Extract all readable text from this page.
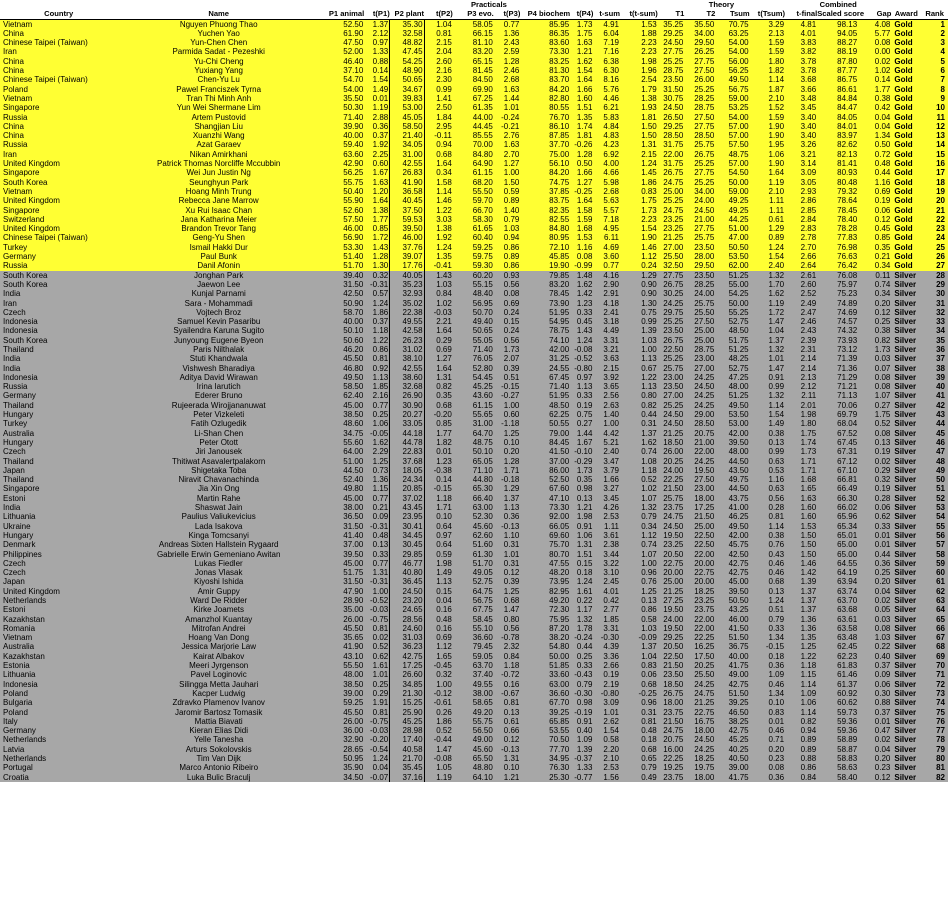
		Practicals										Theory				Combined				
Country	Name	P1 animal	t(P1)	P2 plant	t(P2)	P3 evo.	t(P3)	P4 biochem	t(P4)	t-sum	t(t-sum)	T1	T2	Tsum	t(Tsum)	t-final	Scaled score	Gap	Award	Rank
Vietnam	Nguyen Phuong Thao	52.50	1.37	35.30	1.04	58.05	0.77	85.95	1.73	4.91	1.53	35.25	35.50	70.75	3.29	4.81	98.13	4.08	Gold	1
China	Yuchen Yao	61.90	2.12	32.58	0.81	66.15	1.36	86.35	1.75	6.04	1.88	29.25	34.00	63.25	2.13	4.01	94.05	5.77	Gold	2
Chinese Taipei (Taiwan)	Yun-Chen Chen	47.50	0.97	48.82	2.15	81.10	2.43	83.60	1.63	7.19	2.23	24.50	29.50	54.00	1.59	3.83	88.27	0.08	Gold	3
Iran	Parmida Sadat - Pezeshki	52.00	1.33	47.45	2.04	83.20	2.59	73.30	1.21	7.16	2.23	27.75	26.25	54.00	1.59	3.82	88.19	0.00	Gold	4
China	Yu-Chi Cheng	46.40	0.88	54.25	2.60	65.15	1.28	83.25	1.62	6.38	1.98	25.25	27.75	56.00	1.80	3.78	87.80	0.02	Gold	5
China	Yuxiang Yang	37.10	0.14	48.90	2.16	81.45	2.46	81.30	1.54	6.30	1.96	28.75	27.50	56.25	1.82	3.78	87.77	1.02	Gold	6
Chinese Taipei (Taiwan)	Chen-Yu Lu	54.70	1.54	50.65	2.30	84.50	2.68	83.70	1.64	8.16	2.54	23.50	26.00	49.50	1.14	3.68	86.75	0.14	Gold	7
Poland	Pawel Franciszek Tyrna	54.00	1.49	34.67	0.99	69.90	1.63	84.20	1.66	5.76	1.79	31.50	25.25	56.75	1.87	3.66	86.61	1.77	Gold	8
Vietnam	Tran Thi Minh Anh	35.50	0.01	39.83	1.41	67.25	1.44	82.80	1.60	4.46	1.38	30.75	28.25	59.00	2.10	3.48	84.84	0.38	Gold	9
Singapore	Yun Wei Shermane Lim	50.30	1.19	53.00	2.50	61.35	1.01	80.55	1.51	6.21	1.93	24.50	28.75	53.25	1.52	3.45	84.47	0.42	Gold	10
Russia	Artem Pustovid	71.40	2.88	45.05	1.84	44.00	-0.24	76.70	1.35	5.83	1.81	26.50	27.50	54.00	1.59	3.40	84.05	0.04	Gold	11
China	Shangjian Liu	39.90	0.36	58.50	2.95	44.45	-0.21	86.10	1.74	4.84	1.50	29.25	27.75	57.00	1.90	3.40	84.01	0.04	Gold	12
China	Xuanzhi Wang	40.00	0.37	21.40	-0.11	85.55	2.76	87.85	1.81	4.83	1.50	28.50	28.50	57.00	1.90	3.40	83.97	1.34	Gold	13
Russia	Azat Garaev	59.40	1.92	34.05	0.94	70.00	1.63	37.70	-0.26	4.23	1.31	31.75	25.75	57.50	1.95	3.26	82.62	0.50	Gold	14
Iran	Nikan Amirkhani	63.60	2.25	31.00	0.68	84.80	2.70	75.00	1.28	6.92	2.15	22.00	26.75	48.75	1.06	3.21	82.13	0.72	Gold	15
United Kingdom	Patrick Thomas Norcliffe Mccubbin	42.90	0.60	42.55	1.64	64.90	1.27	56.10	0.50	4.00	1.24	31.75	25.25	57.00	1.90	3.14	81.41	0.48	Gold	16
Singapore	Wei Jun Justin Ng	56.25	1.67	26.83	0.34	61.15	1.00	84.20	1.66	4.66	1.45	26.75	27.75	54.50	1.64	3.09	80.93	0.44	Gold	17
South Korea	Seunghyun Park	55.75	1.63	41.90	1.58	68.20	1.50	74.75	1.27	5.98	1.86	24.75	25.25	50.00	1.19	3.05	80.48	1.16	Gold	18
Vietnam	Hoang Minh Trung	50.40	1.20	36.58	1.14	55.50	0.59	37.85	-0.25	2.68	0.83	25.00	34.00	59.00	2.10	2.93	79.32	0.69	Gold	19
United Kingdom	Rebecca Jane Marrow	55.90	1.64	40.45	1.46	59.70	0.89	83.75	1.64	5.63	1.75	25.25	24.00	49.25	1.11	2.86	78.64	0.19	Gold	20
Singapore	Xu Rui Isaac Chan	52.60	1.38	37.50	1.22	66.70	1.40	82.35	1.58	5.57	1.73	24.75	24.50	49.25	1.11	2.85	78.45	0.06	Gold	21
Switzerland	Jana Katharina Meier	57.50	1.77	59.53	3.03	58.30	0.79	82.55	1.59	7.18	2.23	23.25	21.00	44.25	0.61	2.84	78.40	0.12	Gold	22
United Kingdom	Brandon Trevor Tang	46.00	0.85	39.50	1.38	61.65	1.03	84.80	1.68	4.95	1.54	23.25	27.75	51.00	1.29	2.83	78.28	0.45	Gold	23
Chinese Taipei (Taiwan)	Geng-Yu Shen	56.90	1.72	46.00	1.92	60.40	0.94	80.95	1.53	6.11	1.90	21.25	25.75	47.00	0.89	2.78	77.83	0.85	Gold	24
Turkey	Ismail Hakki Dur	53.30	1.43	37.76	1.24	59.25	0.86	72.10	1.16	4.69	1.46	27.00	23.50	50.50	1.24	2.70	76.98	0.35	Gold	25
Germany	Paul Bunk	51.40	1.28	39.07	1.35	59.75	0.89	45.85	0.08	3.60	1.12	25.50	28.00	53.50	1.54	2.66	76.63	0.21	Gold	26
Russia	Danil Afonin	51.70	1.30	17.76	-0.41	59.30	0.86	19.90	-0.99	0.77	0.24	32.50	29.50	62.00	2.40	2.64	76.42	0.34	Gold	27
South Korea	Jonghan Park	39.40	0.32	40.05	1.43	60.20	0.93	79.85	1.48	4.16	1.29	27.75	23.50	51.25	1.32	2.61	76.08	0.11	Silver	28
South Korea	Jaewon Lee	31.50	-0.31	35.23	1.03	55.15	0.56	83.20	1.62	2.90	0.90	26.75	28.25	55.00	1.70	2.60	75.97	0.74	Silver	29
India	Kunjal Parnami	42.50	0.57	32.93	0.84	48.40	0.08	78.45	1.42	2.91	0.90	30.25	24.00	54.25	1.62	2.52	75.23	0.34	Silver	30
Iran	Sara - Mohammadi	50.90	1.24	35.02	1.02	56.95	0.69	73.90	1.23	4.18	1.30	24.25	25.75	50.00	1.19	2.49	74.89	0.20	Silver	31
Czech	Vojtech Broz	58.70	1.86	22.38	-0.03	50.70	0.24	51.95	0.33	2.41	0.75	29.75	25.50	55.25	1.72	2.47	74.69	0.12	Silver	32
Indonesia	Samuel Kevin Pasaribu	40.00	0.37	49.55	2.21	49.40	0.15	54.95	0.45	3.18	0.99	25.25	27.50	52.75	1.47	2.46	74.57	0.25	Silver	33
Indonesia	Syailendra Karuna Sugito	50.10	1.18	42.58	1.64	50.65	0.24	78.75	1.43	4.49	1.39	23.50	25.00	48.50	1.04	2.43	74.32	0.38	Silver	34
South Korea	Junyoung Eugene Byeon	50.60	1.22	26.23	0.29	55.05	0.56	74.10	1.24	3.31	1.03	26.75	25.00	51.75	1.37	2.39	73.93	0.82	Silver	35
Thailand	Paris Nilthalak	46.20	0.86	31.02	0.69	71.40	1.73	42.00	-0.08	3.21	1.00	22.50	28.75	51.25	1.32	2.31	73.12	1.73	Silver	36
India	Stuti Khandwala	45.50	0.81	38.10	1.27	76.05	2.07	31.25	-0.52	3.63	1.13	25.25	23.00	48.25	1.01	2.14	71.39	0.03	Silver	37
India	Vishwesh Bharadiya	46.80	0.92	42.55	1.64	52.80	0.39	24.55	-0.80	2.15	0.67	25.75	27.00	52.75	1.47	2.14	71.36	0.07	Silver	38
Indonesia	Aditya David Wirawan	49.50	1.13	38.60	1.31	54.45	0.51	67.45	0.97	3.92	1.22	23.00	24.25	47.25	0.91	2.13	71.29	0.08	Silver	39
Russia	Irina Iarutich	58.50	1.85	32.68	0.82	45.25	-0.15	71.40	1.13	3.65	1.13	23.50	24.50	48.00	0.99	2.12	71.21	0.08	Silver	40
Germany	Ederer Bruno	62.40	2.16	26.90	0.35	43.60	-0.27	51.95	0.33	2.56	0.80	27.00	24.25	51.25	1.32	2.11	71.13	1.07	Silver	41
Thailand	Rujeerada Wirojjananuwat	45.00	0.77	30.90	0.68	61.15	1.00	48.50	0.19	2.63	0.82	25.25	24.25	49.50	1.14	2.01	70.06	0.27	Silver	42
Hungary	Peter Vizkeleti	38.50	0.25	20.27	-0.20	55.65	0.60	62.25	0.75	1.40	0.44	24.50	29.00	53.50	1.54	1.98	69.79	1.75	Silver	43
Turkey	Fatih Ozlugedik	48.60	1.06	33.05	0.85	31.00	-1.18	50.55	0.27	1.00	0.31	24.50	28.50	53.00	1.49	1.80	68.04	0.52	Silver	44
Australia	Li-Shan Chen	34.75	-0.05	44.18	1.77	64.70	1.25	79.00	1.44	4.42	1.37	21.25	20.75	42.00	0.38	1.75	67.52	0.08	Silver	45
Hungary	Peter Otott	55.60	1.62	44.78	1.82	48.75	0.10	84.45	1.67	5.21	1.62	18.50	21.00	39.50	0.13	1.74	67.45	0.13	Silver	46
Czech	Jiri Janousek	64.00	2.29	22.83	0.01	50.10	0.20	41.50	-0.10	2.40	0.74	26.00	22.00	48.00	0.99	1.73	67.31	0.19	Silver	47
Thailand	Thitiwat Asavalertpalakorn	51.00	1.25	37.68	1.23	65.05	1.28	37.00	-0.29	3.47	1.08	20.25	24.25	44.50	0.63	1.71	67.12	0.02	Silver	48
Japan	Shigetaka Toba	44.50	0.73	18.05	-0.38	71.10	1.71	86.00	1.73	3.79	1.18	24.00	19.50	43.50	0.53	1.71	67.10	0.29	Silver	49
Thailand	Niravit Chavanachinda	52.40	1.36	24.34	0.14	44.80	-0.18	52.50	0.35	1.66	0.52	22.25	27.50	49.75	1.16	1.68	66.81	0.32	Silver	50
Singapore	Jia Xin Ong	49.80	1.15	20.85	-0.15	65.30	1.29	67.60	0.98	3.27	1.02	21.50	23.00	44.50	0.63	1.65	66.49	0.19	Silver	51
Estoni	Martin Rahe	45.00	0.77	37.02	1.18	66.40	1.37	47.10	0.13	3.45	1.07	25.75	18.00	43.75	0.56	1.63	66.30	0.28	Silver	52
India	Shaswat Jain	38.00	0.21	43.45	1.71	63.00	1.13	73.30	1.21	4.26	1.32	23.75	17.25	41.00	0.28	1.60	66.02	0.06	Silver	53
Lithuania	Paulius Valiukevicius	36.50	0.09	23.95	0.10	52.30	0.36	92.00	1.98	2.53	0.79	24.75	21.50	46.25	0.81	1.60	65.96	0.62	Silver	54
Ukraine	Lada Isakova	31.50	-0.31	30.41	0.64	45.60	-0.13	66.05	0.91	1.11	0.34	24.50	25.00	49.50	1.14	1.53	65.34	0.33	Silver	55
Hungary	Kinga Tomcsanyi	41.40	0.48	34.45	0.97	62.60	1.10	69.60	1.06	3.61	1.12	19.50	22.50	42.00	0.38	1.50	65.01	0.01	Silver	56
Denmark	Andreas Sixten Hallstein Rygaard	37.00	0.13	30.45	0.64	51.60	0.31	75.70	1.31	2.38	0.74	23.25	22.50	45.75	0.76	1.50	65.00	0.01	Silver	57
Philippines	Gabrielle Erwin Gemeniano Awitan	39.50	0.33	29.85	0.59	61.30	1.01	80.70	1.51	3.44	1.07	20.50	22.00	42.50	0.43	1.50	65.00	0.44	Silver	58
Czech	Lukas Fiedler	45.00	0.77	46.77	1.98	51.70	0.31	47.55	0.15	3.22	1.00	22.75	20.00	42.75	0.46	1.46	64.55	0.36	Silver	59
Czech	Jonas Vlasak	51.75	1.31	40.80	1.49	49.05	0.12	48.20	0.18	3.10	0.96	20.00	22.75	42.75	0.46	1.42	64.19	0.25	Silver	60
Japan	Kiyoshi Ishida	31.50	-0.31	36.45	1.13	52.75	0.39	73.95	1.24	2.45	0.76	25.00	20.00	45.00	0.68	1.39	63.94	0.20	Silver	61
United Kingdom	Amir Guppy	47.90	1.00	24.50	0.15	64.75	1.25	82.95	1.61	4.01	1.25	21.25	18.25	39.50	0.13	1.37	63.74	0.04	Silver	62
Netherlands	Ward De Ridder	28.90	-0.52	23.20	0.04	56.75	0.68	49.20	0.22	0.42	0.13	27.25	23.25	50.50	1.24	1.37	63.70	0.02	Silver	63
Estoni	Kirke Joamets	35.00	-0.03	24.65	0.16	67.75	1.47	72.30	1.17	2.77	0.86	19.50	23.75	43.25	0.51	1.37	63.68	0.05	Silver	64
Kazakhstan	Amanzhol Kuantay	26.00	-0.75	28.56	0.48	58.45	0.80	75.95	1.32	1.85	0.58	24.00	22.00	46.00	0.79	1.36	63.61	0.03	Silver	65
Romania	Mitrofan Andrei	45.50	0.81	24.60	0.16	55.10	0.56	87.20	1.78	3.31	1.03	19.50	22.00	41.50	0.33	1.36	63.58	0.08	Silver	66
Vietnam	Hoang Van Dong	35.65	0.02	31.03	0.69	36.60	-0.78	38.20	-0.24	-0.30	-0.09	29.25	22.25	51.50	1.34	1.35	63.48	1.03	Silver	67
Australia	Jessica Marjorie Law	41.90	0.52	36.23	1.12	79.45	2.32	54.80	0.44	4.39	1.37	20.50	16.25	36.75	-0.15	1.25	62.45	0.22	Silver	68
Kazakhstan	Kairat Albakov	43.10	0.62	42.75	1.65	59.05	0.84	50.00	0.25	3.36	1.04	22.50	17.50	40.00	0.18	1.22	62.23	0.40	Silver	69
Estonia	Meeri Jyrgenson	55.50	1.61	17.25	-0.45	63.70	1.18	51.85	0.33	2.66	0.83	21.50	20.25	41.75	0.36	1.18	61.83	0.37	Silver	70
Lithuania	Pavel Loginovic	48.00	1.01	26.60	0.32	37.40	-0.72	33.60	-0.43	0.19	0.06	23.50	25.50	49.00	1.09	1.15	61.46	0.09	Silver	71
Indonesia	Silingga Metta Jauhari	38.50	0.25	34.85	1.00	49.55	0.16	63.00	0.79	2.19	0.68	18.50	24.25	42.75	0.46	1.14	61.37	0.06	Silver	72
Poland	Kacper Ludwig	39.00	0.29	21.30	-0.12	38.00	-0.67	36.60	-0.30	-0.80	-0.25	26.75	24.75	51.50	1.34	1.09	60.92	0.30	Silver	73
Bulgaria	Zdravko Plamenov Ivanov	59.25	1.91	15.25	-0.61	58.65	0.81	67.70	0.98	3.09	0.96	18.00	21.25	39.25	0.10	1.06	60.62	0.88	Silver	74
Poland	Jaromir Bartosz Tomasik	45.50	0.81	25.90	0.26	49.20	0.13	39.25	-0.19	1.01	0.31	23.75	22.75	46.50	0.83	1.14	59.73	0.37	Silver	75
Italy	Mattia Biavati	26.00	-0.75	45.25	1.86	55.75	0.61	65.85	0.91	2.62	0.81	21.50	16.75	38.25	0.01	0.82	59.36	0.01	Silver	76
Germany	Kieran Elias Didi	36.00	-0.03	28.98	0.52	56.50	0.66	53.55	0.40	1.54	0.48	24.75	18.00	42.75	0.46	0.94	59.36	0.47	Silver	77
Netherlands	Yelle Tanesha	32.90	-0.20	17.40	-0.44	49.00	0.12	70.50	1.09	0.58	0.18	20.75	24.50	45.25	0.71	0.89	58.89	0.02	Silver	78
Latvia	Arturs Sokolovskis	28.65	-0.54	40.58	1.47	45.60	-0.13	77.70	1.39	2.20	0.68	16.00	24.25	40.25	0.20	0.89	58.87	0.04	Silver	79
Netherlands	Tim Van Dijk	50.95	1.24	21.70	-0.08	65.50	1.31	34.95	-0.37	2.10	0.65	22.25	18.25	40.50	0.23	0.88	58.83	0.20	Silver	80
Portugal	Marco Antonio Ribeiro	35.90	0.04	35.45	1.05	48.80	0.10	76.30	1.33	2.53	0.79	19.25	19.75	39.00	0.08	0.86	58.63	0.23	Silver	81
Croatia	Luka Bulic Braculj	34.50	-0.07	37.16	1.19	64.10	1.21	25.30	-0.77	1.56	0.49	23.75	18.00	41.75	0.36	0.84	58.40	0.12	Silver	82
